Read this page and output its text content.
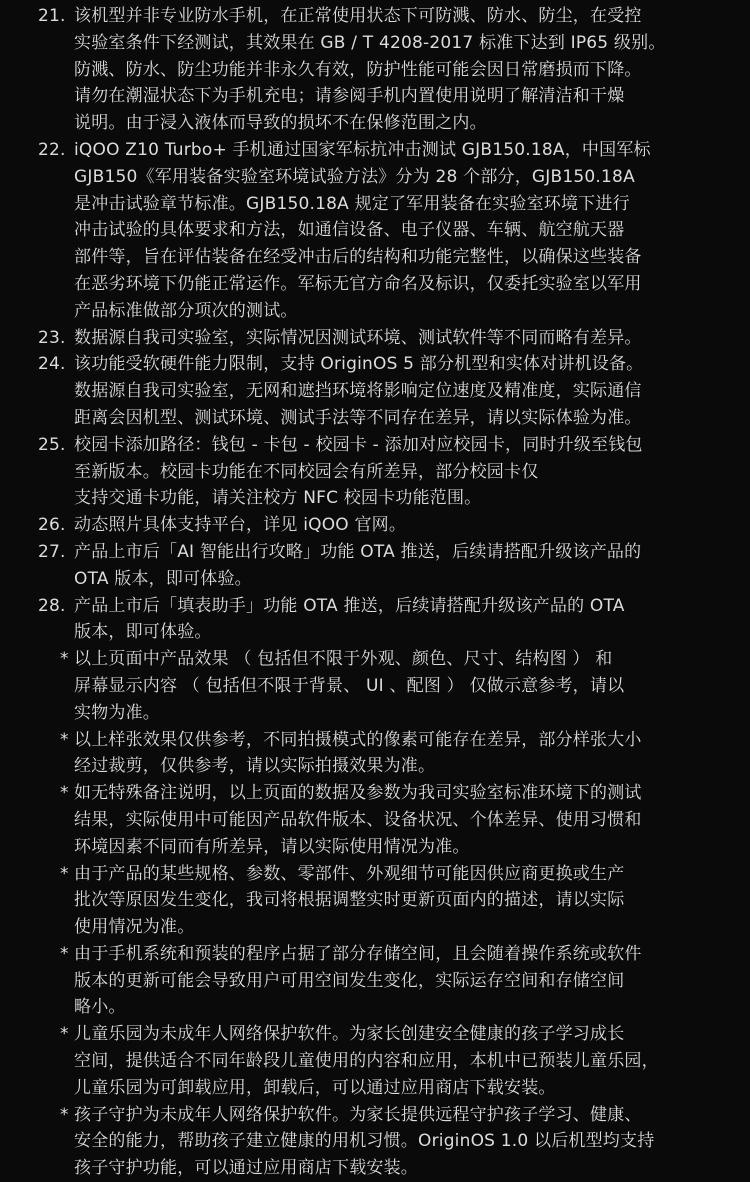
21. 该机型并非专业防水手机，在正常使用状态下可防溅、防水、防尘，在受控
实验室条件下经测试，其效果在 GB / T 4208-2017 标准下达到 IP65 级别。
防溅、防水、防尘功能并非永久有效，防护性能可能会因日常磨损而下降。
请勿在潮湿状态下为手机充电；请参阅手机内置使用说明了解清洁和干燥
说明。由于浸入液体而导致的损坏不在保修范围之内。
22. iQOO Z10 Turbo+ 手机通过国家军标抗冲击测试 GJB150.18A，中国军标
GJB150《军用装备实验室环境试验方法》分为 28 个部分，GJB150.18A
是冲击试验章节标准。GJB150.18A 规定了军用装备在实验室环境下进行
冲击试验的具体要求和方法，如通信设备、电子仪器、车辆、航空航天器
部件等，旨在评估装备在经受冲击后的结构和功能完整性，以确保这些装备
在恶劣环境下仍能正常运作。军标无官方命名及标识，仅委托实验室以军用
产品标准做部分项次的测试。
23. 数据源自我司实验室，实际情况因测试环境、测试软件等不同而略有差异。
24. 该功能受软硬件能力限制，支持 OriginOS 5 部分机型和实体对讲机设备。
数据源自我司实验室，无网和遮挡环境将影响定位速度及精准度，实际通信
距离会因机型、测试环境、测试手法等不同存在差异，请以实际体验为准。
25. 校园卡添加路径：钱包 - 卡包 - 校园卡 - 添加对应校园卡，同时升级至钱包
至新版本。校园卡功能在不同校园会有所差异，部分校园卡仅
支持交通卡功能，请关注校方 NFC 校园卡功能范围。
26. 动态照片具体支持平台，详见 iQOO 官网。
27. 产品上市后「AI 智能出行攻略」功能 OTA 推送，后续请搭配升级该产品的
OTA 版本，即可体验。
28. 产品上市后「填表助手」功能 OTA 推送，后续请搭配升级该产品的 OTA
版本，即可体验。
* 以上页面中产品效果 （ 包括但不限于外观、颜色、尺寸、结构图 ） 和
屏幕显示内容 （ 包括但不限于背景、 UI 、配图 ） 仅做示意参考，请以
实物为准。
* 以上样张效果仅供参考，不同拍摄模式的像素可能存在差异，部分样张大小
经过裁剪，仅供参考，请以实际拍摄效果为准。
* 如无特殊备注说明，以上页面的数据及参数为我司实验室标准环境下的测试
结果，实际使用中可能因产品软件版本、设备状况、个体差异、使用习惯和
环境因素不同而有所差异，请以实际使用情况为准。
* 由于产品的某些规格、参数、零部件、外观细节可能因供应商更换或生产
批次等原因发生变化，我司将根据调整实时更新页面内的描述，请以实际
使用情况为准。
* 由于手机系统和预装的程序占据了部分存储空间，且会随着操作系统或软件
版本的更新可能会导致用户可用空间发生变化，实际运存空间和存储空间
略小。
* 儿童乐园为未成年人网络保护软件。为家长创建安全健康的孩子学习成长
空间，提供适合不同年龄段儿童使用的内容和应用，本机中已预装儿童乐园，
儿童乐园为可卸载应用，卸载后，可以通过应用商店下载安装。
* 孩子守护为未成年人网络保护软件。为家长提供远程守护孩子学习、健康、
安全的能力，帮助孩子建立健康的用机习惯。OriginOS 1.0 以后机型均支持
孩子守护功能，可以通过应用商店下载安装。
